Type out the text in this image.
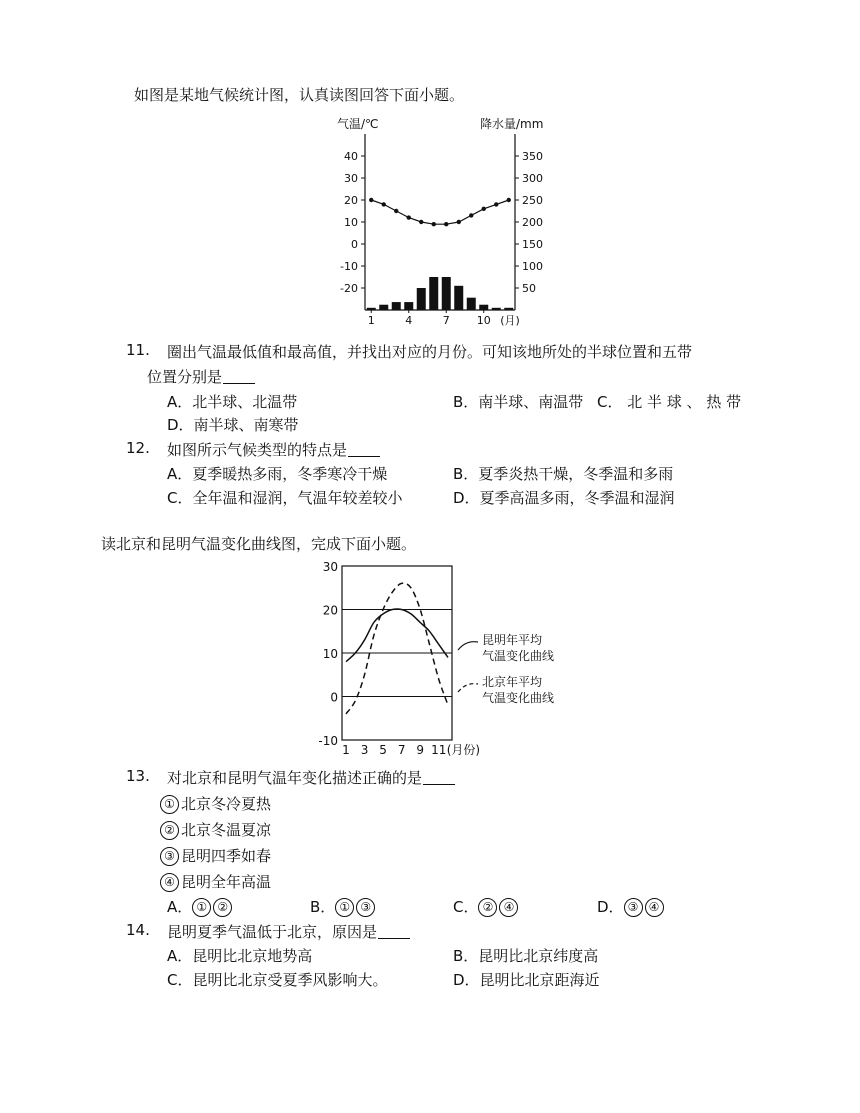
如图是某地气候统计图，认真读图回答下面小题。
气温/℃	降水量/mm
40
30
20
10
0
-10
-20
350
300
250
200
150
100
50
1	4	7 10 (月)
11. 圈出气温最低值和最高值，并找出对应的月份。可知该地所处的半球位置和五带
位置分别是
A．北半球、北温带	B．南半球、南温带 C． 北 半 球 、 热 带
D．南半球、南寒带
12. 如图所示气候类型的特点是
A．夏季暖热多雨，冬季寒冷干燥	B．夏季炎热干燥，冬季温和多雨
C．全年温和湿润，气温年较差较小	D．夏季高温多雨，冬季温和湿润
读北京和昆明气温变化曲线图，完成下面小题。
30
20
10
0
-10
1 3 5 7 9 11 (月份)
昆明年平均
气温变化曲线
北京年平均
气温变化曲线
13. 对北京和昆明气温年变化描述正确的是
① 北京冬冷夏热
② 北京冬温夏凉
③ 昆明四季如春
④ 昆明全年高温
A． ① ②	B． ① ③	C． ② ④	D． ③ ④
14. 昆明夏季气温低于北京，原因是
A．昆明比北京地势高	B．昆明比北京纬度高
C．昆明比北京受夏季风影响大。	D．昆明比北京距海近
